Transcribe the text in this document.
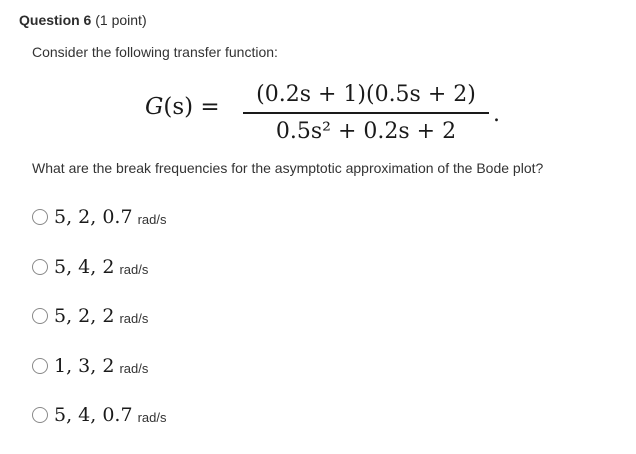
Question 6 (1 point)
Consider the following transfer function:
G(s) =	(0.2s + 1)(0.5s + 2)
0.5s² + 0.2s + 2
.
What are the break frequencies for the asymptotic approximation of the Bode plot?
5, 2, 0.7 rad/s
5, 4, 2 rad/s
5, 2, 2 rad/s
1, 3, 2 rad/s
5, 4, 0.7 rad/s
